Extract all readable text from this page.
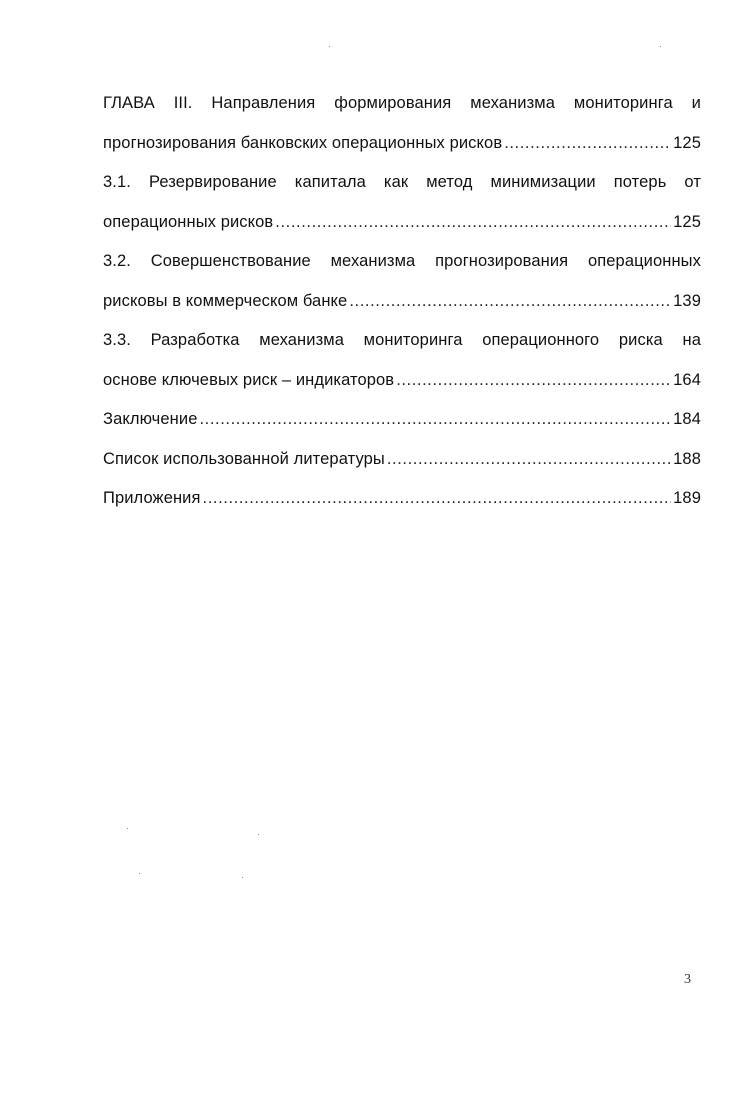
ГЛАВА III. Направления формирования механизма мониторинга и
прогнозирования банковских операционных рисков .....	125
3.1. Резервирование капитала как метод минимизации потерь от
операционных рисков .....	125
3.2. Совершенствование механизма прогнозирования операционных
рисковы в коммерческом банке .....	139
3.3. Разработка механизма мониторинга операционного риска на
основе ключевых риск – индикаторов .....	164
Заключение .....	184
Список использованной литературы .....	188
Приложения .....	189
3
